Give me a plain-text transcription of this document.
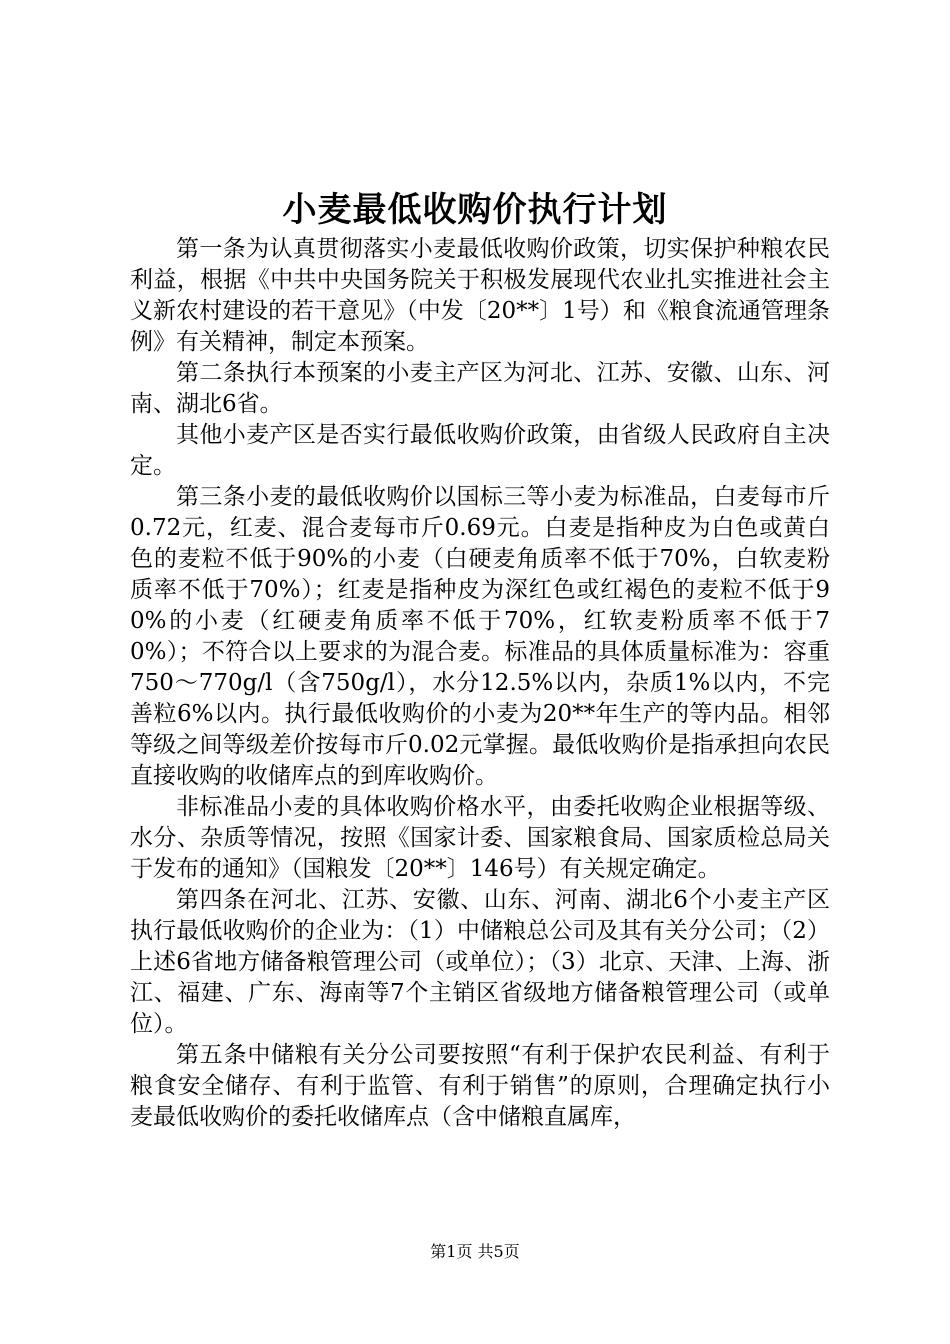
小麦最低收购价执行计划

第一条为认真贯彻落实小麦最低收购价政策，切实保护种粮农民利益，根据《中共中央国务院关于积极发展现代农业扎实推进社会主义新农村建设的若干意见》（中发〔20**〕1号）和《粮食流通管理条例》有关精神，制定本预案。

第二条执行本预案的小麦主产区为河北、江苏、安徽、山东、河南、湖北6省。

其他小麦产区是否实行最低收购价政策，由省级人民政府自主决定。

第三条小麦的最低收购价以国标三等小麦为标准品，白麦每市斤0.72元，红麦、混合麦每市斤0.69元。白麦是指种皮为白色或黄白色的麦粒不低于90%的小麦（白硬麦角质率不低于70%，白软麦粉质率不低于70%）；红麦是指种皮为深红色或红褐色的麦粒不低于90%的小麦（红硬麦角质率不低于70%，红软麦粉质率不低于70%）；不符合以上要求的为混合麦。标准品的具体质量标准为：容重750～770g/l（含750g/l），水分12.5%以内，杂质1%以内，不完善粒6%以内。执行最低收购价的小麦为20**年生产的等内品。相邻等级之间等级差价按每市斤0.02元掌握。最低收购价是指承担向农民直接收购的收储库点的到库收购价。

非标准品小麦的具体收购价格水平，由委托收购企业根据等级、水分、杂质等情况，按照《国家计委、国家粮食局、国家质检总局关于发布的通知》（国粮发〔20**〕146号）有关规定确定。

第四条在河北、江苏、安徽、山东、河南、湖北6个小麦主产区执行最低收购价的企业为：（1）中储粮总公司及其有关分公司；（2）上述6省地方储备粮管理公司（或单位）；（3）北京、天津、上海、浙江、福建、广东、海南等7个主销区省级地方储备粮管理公司（或单位）。

第五条中储粮有关分公司要按照“有利于保护农民利益、有利于粮食安全储存、有利于监管、有利于销售”的原则，合理确定执行小麦最低收购价的委托收储库点（含中储粮直属库，

第1页 共5页
